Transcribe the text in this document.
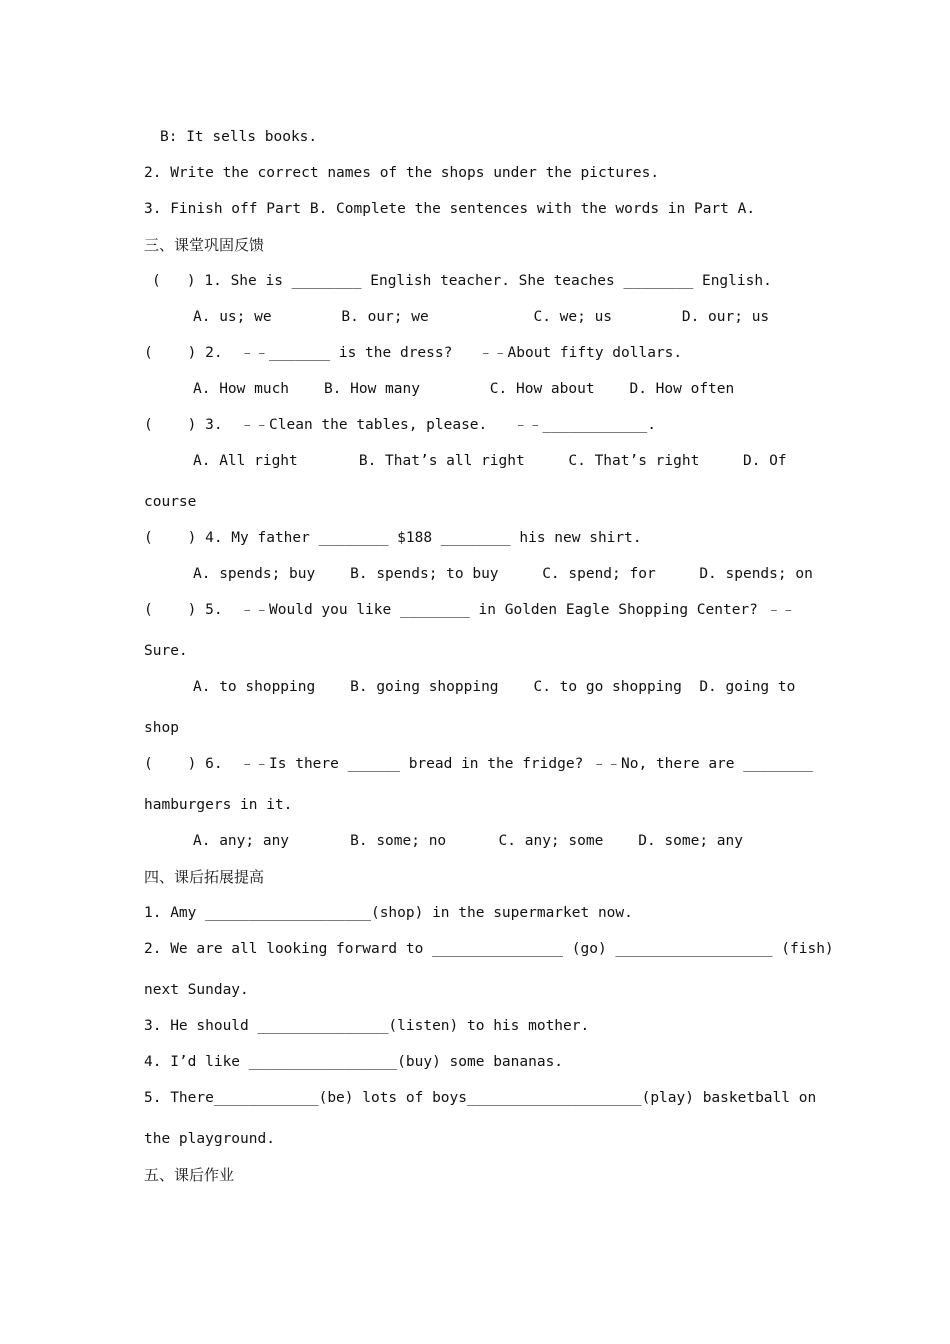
B: It sells books.
2. Write the correct names of the shops under the pictures.
3. Finish off Part B. Complete the sentences with the words in Part A.
三、课堂巩固反馈
(   ) 1. She is ________ English teacher. She teaches ________ English.
A. us; we        B. our; we            C. we; us        D. our; us
(    ) 2.  ﹣﹣_______ is the dress?   ﹣﹣About fifty dollars.
A. How much    B. How many        C. How about    D. How often
(    ) 3.  ﹣﹣Clean the tables, please.   ﹣﹣____________.
A. All right       B. That’s all right     C. That’s right     D. Of
course
(    ) 4. My father ________ $188 ________ his new shirt.
A. spends; buy    B. spends; to buy     C. spend; for     D. spends; on
(    ) 5.  ﹣﹣Would you like ________ in Golden Eagle Shopping Center? ﹣﹣
Sure.
A. to shopping    B. going shopping    C. to go shopping  D. going to
shop
(    ) 6.  ﹣﹣Is there ______ bread in the fridge? ﹣﹣No, there are ________
hamburgers in it.
A. any; any       B. some; no      C. any; some    D. some; any
四、课后拓展提高
1. Amy ___________________(shop) in the supermarket now.
2. We are all looking forward to _______________ (go) __________________ (fish)
next Sunday.
3. He should _______________(listen) to his mother.
4. I’d like _________________(buy) some bananas.
5. There____________(be) lots of boys____________________(play) basketball on
the playground.
五、课后作业
